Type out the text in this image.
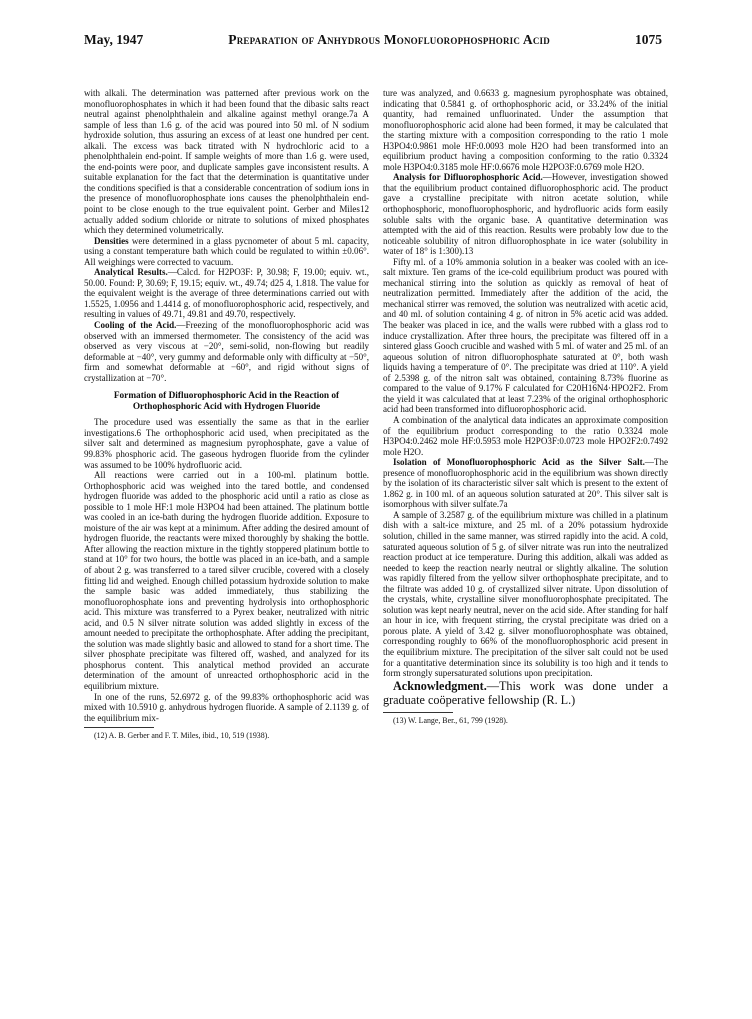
May, 1947	Preparation of Anhydrous Monofluorophosphoric Acid	1075

with alkali. The determination was patterned after previous work on the monofluorophosphates in which it had been found that the dibasic salts react neutral against phenolphthalein and alkaline against methyl orange.7a A sample of less than 1.6 g. of the acid was poured into 50 ml. of N sodium hydroxide solution, thus assuring an excess of at least one hundred per cent. alkali. The excess was back titrated with N hydrochloric acid to a phenolphthalein end-point. If sample weights of more than 1.6 g. were used, the end-points were poor, and duplicate samples gave inconsistent results. A suitable explanation for the fact that the determination is quantitative under the conditions specified is that a considerable concentration of sodium ions in the presence of monofluorophosphate ions causes the phenolphthalein end-point to be close enough to the true equivalent point. Gerber and Miles12 actually added sodium chloride or nitrate to solutions of mixed phosphates which they determined volumetrically.

Densities were determined in a glass pycnometer of about 5 ml. capacity, using a constant temperature bath which could be regulated to within ±0.06°. All weighings were corrected to vacuum.

Analytical Results.—Calcd. for H2PO3F: P, 30.98; F, 19.00; equiv. wt., 50.00. Found: P, 30.69; F, 19.15; equiv. wt., 49.74; d25 4, 1.818. The value for the equivalent weight is the average of three determinations carried out with 1.5525, 1.0956 and 1.4414 g. of monofluorophosphoric acid, respectively, and resulting in values of 49.71, 49.81 and 49.70, respectively.

Cooling of the Acid.—Freezing of the monofluorophosphoric acid was observed with an immersed thermometer. The consistency of the acid was observed as very viscous at −20°, semi-solid, non-flowing but readily deformable at −40°, very gummy and deformable only with difficulty at −50°, firm and somewhat deformable at −60°, and rigid without signs of crystallization at −70°.

Formation of Difluorophosphoric Acid in the Reaction of Orthophosphoric Acid with Hydrogen Fluoride

The procedure used was essentially the same as that in the earlier investigations.6 The orthophosphoric acid used, when precipitated as the silver salt and determined as magnesium pyrophosphate, gave a value of 99.83% phosphoric acid. The gaseous hydrogen fluoride from the cylinder was assumed to be 100% hydrofluoric acid.

All reactions were carried out in a 100-ml. platinum bottle. Orthophosphoric acid was weighed into the tared bottle, and condensed hydrogen fluoride was added to the phosphoric acid until a ratio as close as possible to 1 mole HF:1 mole H3PO4 had been attained. The platinum bottle was cooled in an ice-bath during the hydrogen fluoride addition. Exposure to moisture of the air was kept at a minimum. After adding the desired amount of hydrogen fluoride, the reactants were mixed thoroughly by shaking the bottle. After allowing the reaction mixture in the tightly stoppered platinum bottle to stand at 10° for two hours, the bottle was placed in an ice-bath, and a sample of about 2 g. was transferred to a tared silver crucible, covered with a closely fitting lid and weighed. Enough chilled potassium hydroxide solution to make the sample basic was added immediately, thus stabilizing the monofluorophosphate ions and preventing hydrolysis into orthophosphoric acid. This mixture was transferred to a Pyrex beaker, neutralized with nitric acid, and 0.5 N silver nitrate solution was added slightly in excess of the amount needed to precipitate the orthophosphate. After adding the precipitant, the solution was made slightly basic and allowed to stand for a short time. The silver phosphate precipitate was filtered off, washed, and analyzed for its phosphorus content. This analytical method provided an accurate determination of the amount of unreacted orthophosphoric acid in the equilibrium mixture.

In one of the runs, 52.6972 g. of the 99.83% orthophosphoric acid was mixed with 10.5910 g. anhydrous hydrogen fluoride. A sample of 2.1139 g. of the equilibrium mix-

(12) A. B. Gerber and F. T. Miles, ibid., 10, 519 (1938).

ture was analyzed, and 0.6633 g. magnesium pyrophosphate was obtained, indicating that 0.5841 g. of orthophosphoric acid, or 33.24% of the initial quantity, had remained unfluorinated. Under the assumption that monofluorophosphoric acid alone had been formed, it may be calculated that the starting mixture with a composition corresponding to the ratio 1 mole H3PO4:0.9861 mole HF:0.0093 mole H2O had been transformed into an equilibrium product having a composition conforming to the ratio 0.3324 mole H3PO4:0.3185 mole HF:0.6676 mole H2PO3F:0.6769 mole H2O.

Analysis for Difluorophosphoric Acid.—However, investigation showed that the equilibrium product contained difluorophosphoric acid. The product gave a crystalline precipitate with nitron acetate solution, while orthophosphoric, monofluorophosphoric, and hydrofluoric acids form easily soluble salts with the organic base. A quantitative determination was attempted with the aid of this reaction. Results were probably low due to the noticeable solubility of nitron difluorophosphate in ice water (solubility in water of 18° is 1:300).13

Fifty ml. of a 10% ammonia solution in a beaker was cooled with an ice-salt mixture. Ten grams of the ice-cold equilibrium product was poured with mechanical stirring into the solution as quickly as removal of heat of neutralization permitted. Immediately after the addition of the acid, the mechanical stirrer was removed, the solution was neutralized with acetic acid, and 40 ml. of solution containing 4 g. of nitron in 5% acetic acid was added. The beaker was placed in ice, and the walls were rubbed with a glass rod to induce crystallization. After three hours, the precipitate was filtered off in a sintered glass Gooch crucible and washed with 5 ml. of water and 25 ml. of an aqueous solution of nitron difluorophosphate saturated at 0°, both wash liquids having a temperature of 0°. The precipitate was dried at 110°. A yield of 2.5398 g. of the nitron salt was obtained, containing 8.73% fluorine as compared to the value of 9.17% F calculated for C20H16N4·HPO2F2. From the yield it was calculated that at least 7.23% of the original orthophosphoric acid had been transformed into difluorophosphoric acid.

A combination of the analytical data indicates an approximate composition of the equilibrium product corresponding to the ratio 0.3324 mole H3PO4:0.2462 mole HF:0.5953 mole H2PO3F:0.0723 mole HPO2F2:0.7492 mole H2O.

Isolation of Monofluorophosphoric Acid as the Silver Salt.—The presence of monofluorophosphoric acid in the equilibrium was shown directly by the isolation of its characteristic silver salt which is present to the extent of 1.862 g. in 100 ml. of an aqueous solution saturated at 20°. This silver salt is isomorphous with silver sulfate.7a

A sample of 3.2587 g. of the equilibrium mixture was chilled in a platinum dish with a salt-ice mixture, and 25 ml. of a 20% potassium hydroxide solution, chilled in the same manner, was stirred rapidly into the acid. A cold, saturated aqueous solution of 5 g. of silver nitrate was run into the neutralized reaction product at ice temperature. During this addition, alkali was added as needed to keep the reaction nearly neutral or slightly alkaline. The solution was rapidly filtered from the yellow silver orthophosphate precipitate, and to the filtrate was added 10 g. of crystallized silver nitrate. Upon dissolution of the crystals, white, crystalline silver monofluorophosphate precipitated. The solution was kept nearly neutral, never on the acid side. After standing for half an hour in ice, with frequent stirring, the crystal precipitate was dried on a porous plate. A yield of 3.42 g. silver monofluorophosphate was obtained, corresponding roughly to 66% of the monofluorophosphoric acid present in the equilibrium mixture. The precipitation of the silver salt could not be used for a quantitative determination since its solubility is too high and it tends to form strongly supersaturated solutions upon precipitation.

Acknowledgment.—This work was done under a graduate coöperative fellowship (R. L.)

(13) W. Lange, Ber., 61, 799 (1928).
